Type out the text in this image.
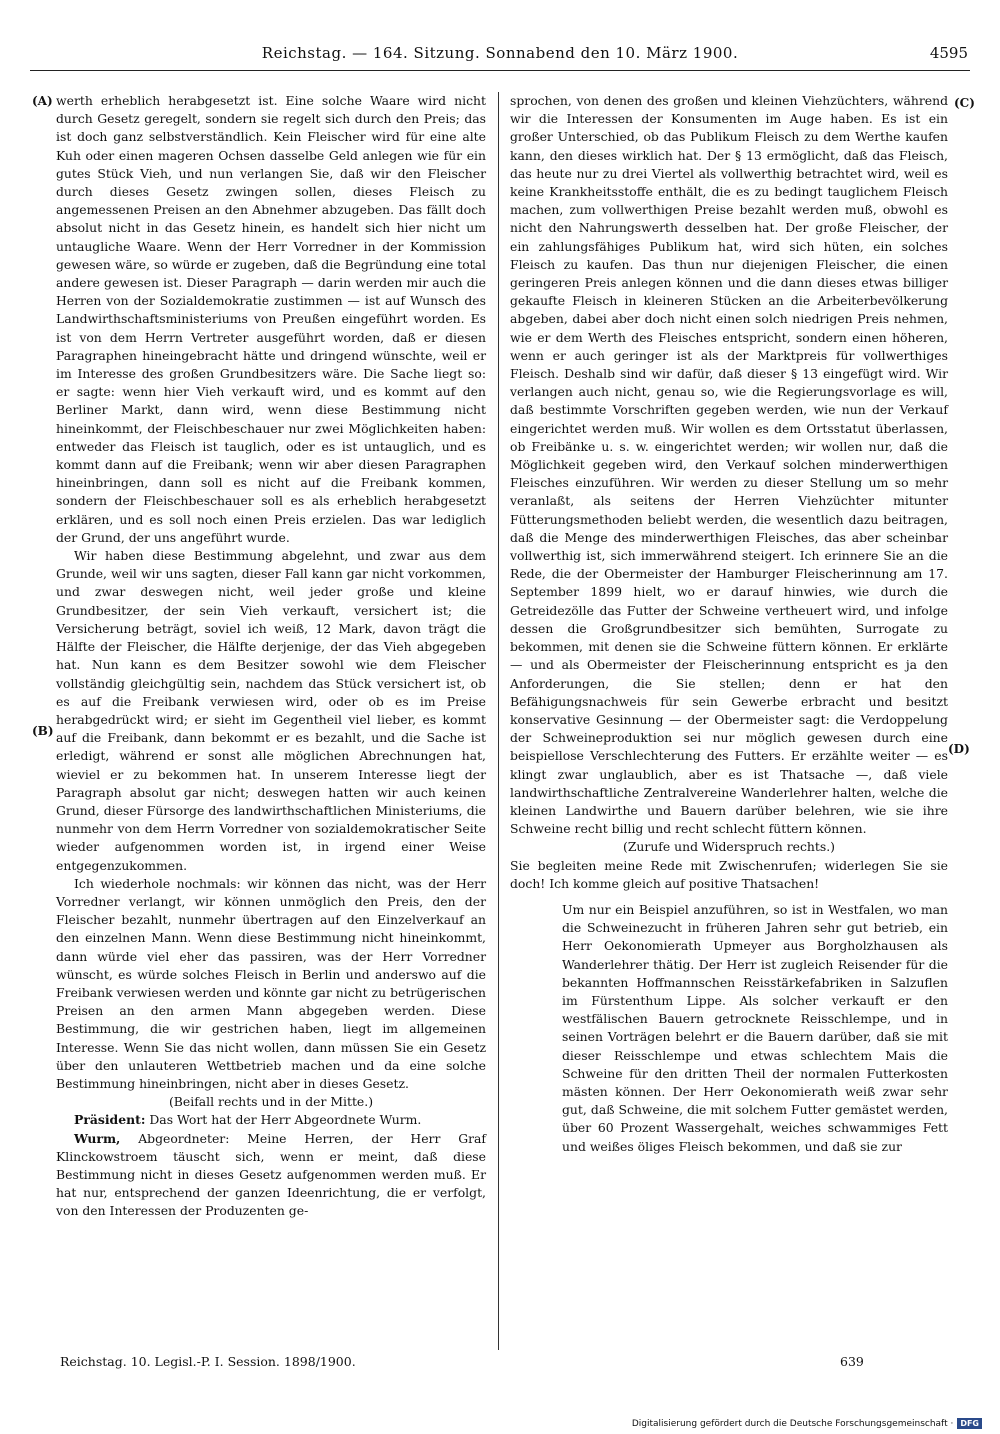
Reichstag. — 164. Sitzung. Sonnabend den 10. März 1900.	4595
(A)
(B)
(C)
(D)

werth erheblich herabgesetzt ist. Eine solche Waare wird nicht durch Gesetz geregelt, sondern sie regelt sich durch den Preis; das ist doch ganz selbstverständlich. Kein Fleischer wird für eine alte Kuh oder einen mageren Ochsen dasselbe Geld anlegen wie für ein gutes Stück Vieh, und nun verlangen Sie, daß wir den Fleischer durch dieses Gesetz zwingen sollen, dieses Fleisch zu angemessenen Preisen an den Abnehmer abzugeben. Das fällt doch absolut nicht in das Gesetz hinein, es handelt sich hier nicht um untaugliche Waare. Wenn der Herr Vorredner in der Kommission gewesen wäre, so würde er zugeben, daß die Begründung eine total andere gewesen ist. Dieser Paragraph — darin werden mir auch die Herren von der Sozialdemokratie zustimmen — ist auf Wunsch des Landwirthschaftsministeriums von Preußen eingeführt worden. Es ist von dem Herrn Vertreter ausgeführt worden, daß er diesen Paragraphen hineingebracht hätte und dringend wünschte, weil er im Interesse des großen Grundbesitzers wäre. Die Sache liegt so: er sagte: wenn hier Vieh verkauft wird, und es kommt auf den Berliner Markt, dann wird, wenn diese Bestimmung nicht hineinkommt, der Fleischbeschauer nur zwei Möglichkeiten haben: entweder das Fleisch ist tauglich, oder es ist untauglich, und es kommt dann auf die Freibank; wenn wir aber diesen Paragraphen hineinbringen, dann soll es nicht auf die Freibank kommen, sondern der Fleischbeschauer soll es als erheblich herabgesetzt erklären, und es soll noch einen Preis erzielen. Das war lediglich der Grund, der uns angeführt wurde.

Wir haben diese Bestimmung abgelehnt, und zwar aus dem Grunde, weil wir uns sagten, dieser Fall kann gar nicht vorkommen, und zwar deswegen nicht, weil jeder große und kleine Grundbesitzer, der sein Vieh verkauft, versichert ist; die Versicherung beträgt, soviel ich weiß, 12 Mark, davon trägt die Hälfte der Fleischer, die Hälfte derjenige, der das Vieh abgegeben hat. Nun kann es dem Besitzer sowohl wie dem Fleischer vollständig gleichgültig sein, nachdem das Stück versichert ist, ob es auf die Freibank verwiesen wird, oder ob es im Preise herabgedrückt wird; er sieht im Gegentheil viel lieber, es kommt auf die Freibank, dann bekommt er es bezahlt, und die Sache ist erledigt, während er sonst alle möglichen Abrechnungen hat, wieviel er zu bekommen hat. In unserem Interesse liegt der Paragraph absolut gar nicht; deswegen hatten wir auch keinen Grund, dieser Fürsorge des landwirthschaftlichen Ministeriums, die nunmehr von dem Herrn Vorredner von sozialdemokratischer Seite wieder aufgenommen worden ist, in irgend einer Weise entgegenzukommen.

Ich wiederhole nochmals: wir können das nicht, was der Herr Vorredner verlangt, wir können unmöglich den Preis, den der Fleischer bezahlt, nunmehr übertragen auf den Einzelverkauf an den einzelnen Mann. Wenn diese Bestimmung nicht hineinkommt, dann würde viel eher das passiren, was der Herr Vorredner wünscht, es würde solches Fleisch in Berlin und anderswo auf die Freibank verwiesen werden und könnte gar nicht zu betrügerischen Preisen an den armen Mann abgegeben werden. Diese Bestimmung, die wir gestrichen haben, liegt im allgemeinen Interesse. Wenn Sie das nicht wollen, dann müssen Sie ein Gesetz über den unlauteren Wettbetrieb machen und da eine solche Bestimmung hineinbringen, nicht aber in dieses Gesetz.

(Beifall rechts und in der Mitte.)

Präsident: Das Wort hat der Herr Abgeordnete Wurm.

Wurm, Abgeordneter: Meine Herren, der Herr Graf Klinckowstroem täuscht sich, wenn er meint, daß diese Bestimmung nicht in dieses Gesetz aufgenommen werden muß. Er hat nur, entsprechend der ganzen Ideenrichtung, die er verfolgt, von den Interessen der Produzenten ge-

sprochen, von denen des großen und kleinen Viehzüchters, während wir die Interessen der Konsumenten im Auge haben. Es ist ein großer Unterschied, ob das Publikum Fleisch zu dem Werthe kaufen kann, den dieses wirklich hat. Der § 13 ermöglicht, daß das Fleisch, das heute nur zu drei Viertel als vollwerthig betrachtet wird, weil es keine Krankheitsstoffe enthält, die es zu bedingt tauglichem Fleisch machen, zum vollwerthigen Preise bezahlt werden muß, obwohl es nicht den Nahrungswerth desselben hat. Der große Fleischer, der ein zahlungsfähiges Publikum hat, wird sich hüten, ein solches Fleisch zu kaufen. Das thun nur diejenigen Fleischer, die einen geringeren Preis anlegen können und die dann dieses etwas billiger gekaufte Fleisch in kleineren Stücken an die Arbeiterbevölkerung abgeben, dabei aber doch nicht einen solch niedrigen Preis nehmen, wie er dem Werth des Fleisches entspricht, sondern einen höheren, wenn er auch geringer ist als der Marktpreis für vollwerthiges Fleisch. Deshalb sind wir dafür, daß dieser § 13 eingefügt wird. Wir verlangen auch nicht, genau so, wie die Regierungsvorlage es will, daß bestimmte Vorschriften gegeben werden, wie nun der Verkauf eingerichtet werden muß. Wir wollen es dem Ortsstatut überlassen, ob Freibänke u. s. w. eingerichtet werden; wir wollen nur, daß die Möglichkeit gegeben wird, den Verkauf solchen minderwerthigen Fleisches einzuführen. Wir werden zu dieser Stellung um so mehr veranlaßt, als seitens der Herren Viehzüchter mitunter Fütterungsmethoden beliebt werden, die wesentlich dazu beitragen, daß die Menge des minderwerthigen Fleisches, das aber scheinbar vollwerthig ist, sich immerwährend steigert. Ich erinnere Sie an die Rede, die der Obermeister der Hamburger Fleischerinnung am 17. September 1899 hielt, wo er darauf hinwies, wie durch die Getreidezölle das Futter der Schweine vertheuert wird, und infolge dessen die Großgrundbesitzer sich bemühten, Surrogate zu bekommen, mit denen sie die Schweine füttern können. Er erklärte — und als Obermeister der Fleischerinnung entspricht es ja den Anforderungen, die Sie stellen; denn er hat den Befähigungsnachweis für sein Gewerbe erbracht und besitzt konservative Gesinnung — der Obermeister sagt: die Verdoppelung der Schweineproduktion sei nur möglich gewesen durch eine beispiellose Verschlechterung des Futters. Er erzählte weiter — es klingt zwar unglaublich, aber es ist Thatsache —, daß viele landwirthschaftliche Zentralvereine Wanderlehrer halten, welche die kleinen Landwirthe und Bauern darüber belehren, wie sie ihre Schweine recht billig und recht schlecht füttern können.

(Zurufe und Widerspruch rechts.)

Sie begleiten meine Rede mit Zwischenrufen; widerlegen Sie sie doch! Ich komme gleich auf positive Thatsachen!

Um nur ein Beispiel anzuführen, so ist in Westfalen, wo man die Schweinezucht in früheren Jahren sehr gut betrieb, ein Herr Oekonomierath Upmeyer aus Borgholzhausen als Wanderlehrer thätig. Der Herr ist zugleich Reisender für die bekannten Hoffmannschen Reisstärkefabriken in Salzuflen im Fürstenthum Lippe. Als solcher verkauft er den westfälischen Bauern getrocknete Reisschlempe, und in seinen Vorträgen belehrt er die Bauern darüber, daß sie mit dieser Reisschlempe und etwas schlechtem Mais die Schweine für den dritten Theil der normalen Futterkosten mästen können. Der Herr Oekonomierath weiß zwar sehr gut, daß Schweine, die mit solchem Futter gemästet werden, über 60 Prozent Wassergehalt, weiches schwammiges Fett und weißes öliges Fleisch bekommen, und daß sie zur

Reichstag. 10. Legisl.-P. I. Session. 1898/1900.	639
Digitalisierung gefördert durch die Deutsche Forschungsgemeinschaft · DFG
